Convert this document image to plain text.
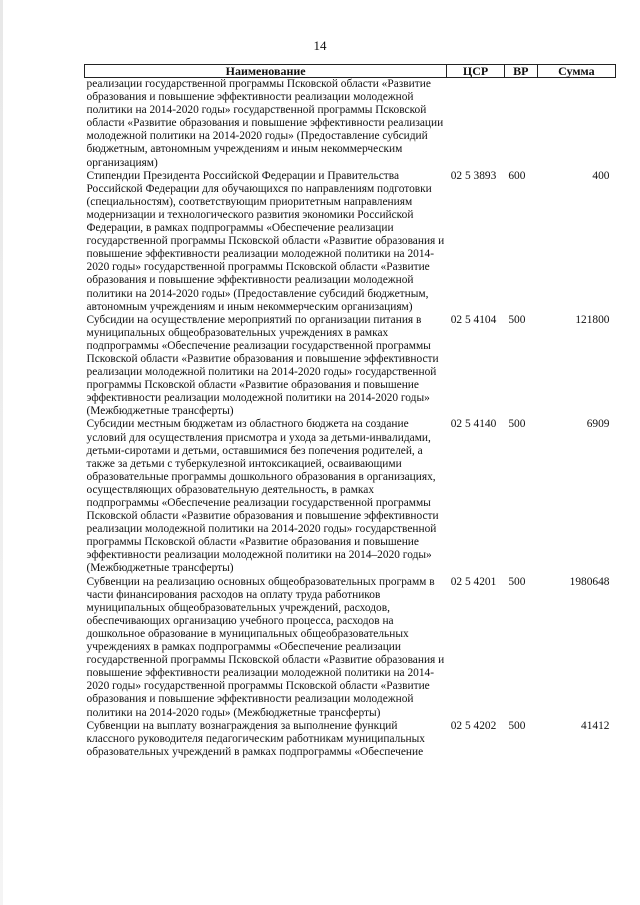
14
Наименование	ЦСР	ВР	Сумма
реализации государственной программы Псковской области «Развитие образования и повышение эффективности реализации молодежной политики на 2014-2020 годы» государственной программы Псковской области «Развитие образования и повышение эффективности реализации молодежной политики на 2014-2020 годы» (Предоставление субсидий бюджетным, автономным учреждениям и иным некоммерческим организациям)			
Стипендии Президента Российской Федерации и Правительства Российской Федерации для обучающихся по направлениям подготовки (специальностям), соответствующим приоритетным направлениям модернизации и технологического развития экономики Российской Федерации, в рамках подпрограммы «Обеспечение реализации государственной программы Псковской области «Развитие образования и повышение эффективности реализации молодежной политики на 2014-2020 годы» государственной программы Псковской области «Развитие образования и повышение эффективности реализации молодежной политики на 2014-2020 годы» (Предоставление субсидий бюджетным, автономным учреждениям и иным некоммерческим организациям)	02 5 3893	600	400
Субсидии на осуществление мероприятий по организации питания в муниципальных общеобразовательных учреждениях в рамках подпрограммы «Обеспечение реализации государственной программы Псковской области «Развитие образования и повышение эффективности реализации молодежной политики на 2014-2020 годы» государственной программы Псковской области «Развитие образования и повышение эффективности реализации молодежной политики на 2014-2020 годы» (Межбюджетные трансферты)	02 5 4104	500	121800
Субсидии местным бюджетам из областного бюджета на создание условий для осуществления присмотра и ухода за детьми-инвалидами, детьми-сиротами и детьми, оставшимися без попечения родителей, а также за детьми с туберкулезной интоксикацией, осваивающими образовательные программы дошкольного образования в организациях, осуществляющих образовательную деятельность, в рамках подпрограммы «Обеспечение реализации государственной программы Псковской области «Развитие образования и повышение эффективности реализации молодежной политики на 2014-2020 годы» государственной программы Псковской области «Развитие образования и повышение эффективности реализации молодежной политики на 2014–2020 годы» (Межбюджетные трансферты)	02 5 4140	500	6909
Субвенции на реализацию основных общеобразовательных программ в части финансирования расходов на оплату труда работников муниципальных общеобразовательных учреждений, расходов, обеспечивающих организацию учебного процесса, расходов на дошкольное образование в муниципальных общеобразовательных учреждениях в рамках подпрограммы «Обеспечение реализации государственной программы Псковской области «Развитие образования и повышение эффективности реализации молодежной политики на 2014-2020 годы» государственной программы Псковской области «Развитие образования и повышение эффективности реализации молодежной политики на 2014-2020 годы» (Межбюджетные трансферты)	02 5 4201	500	1980648
Субвенции на выплату вознаграждения за выполнение функций классного руководителя педагогическим работникам муниципальных образовательных учреждений в рамках подпрограммы «Обеспечение	02 5 4202	500	41412
